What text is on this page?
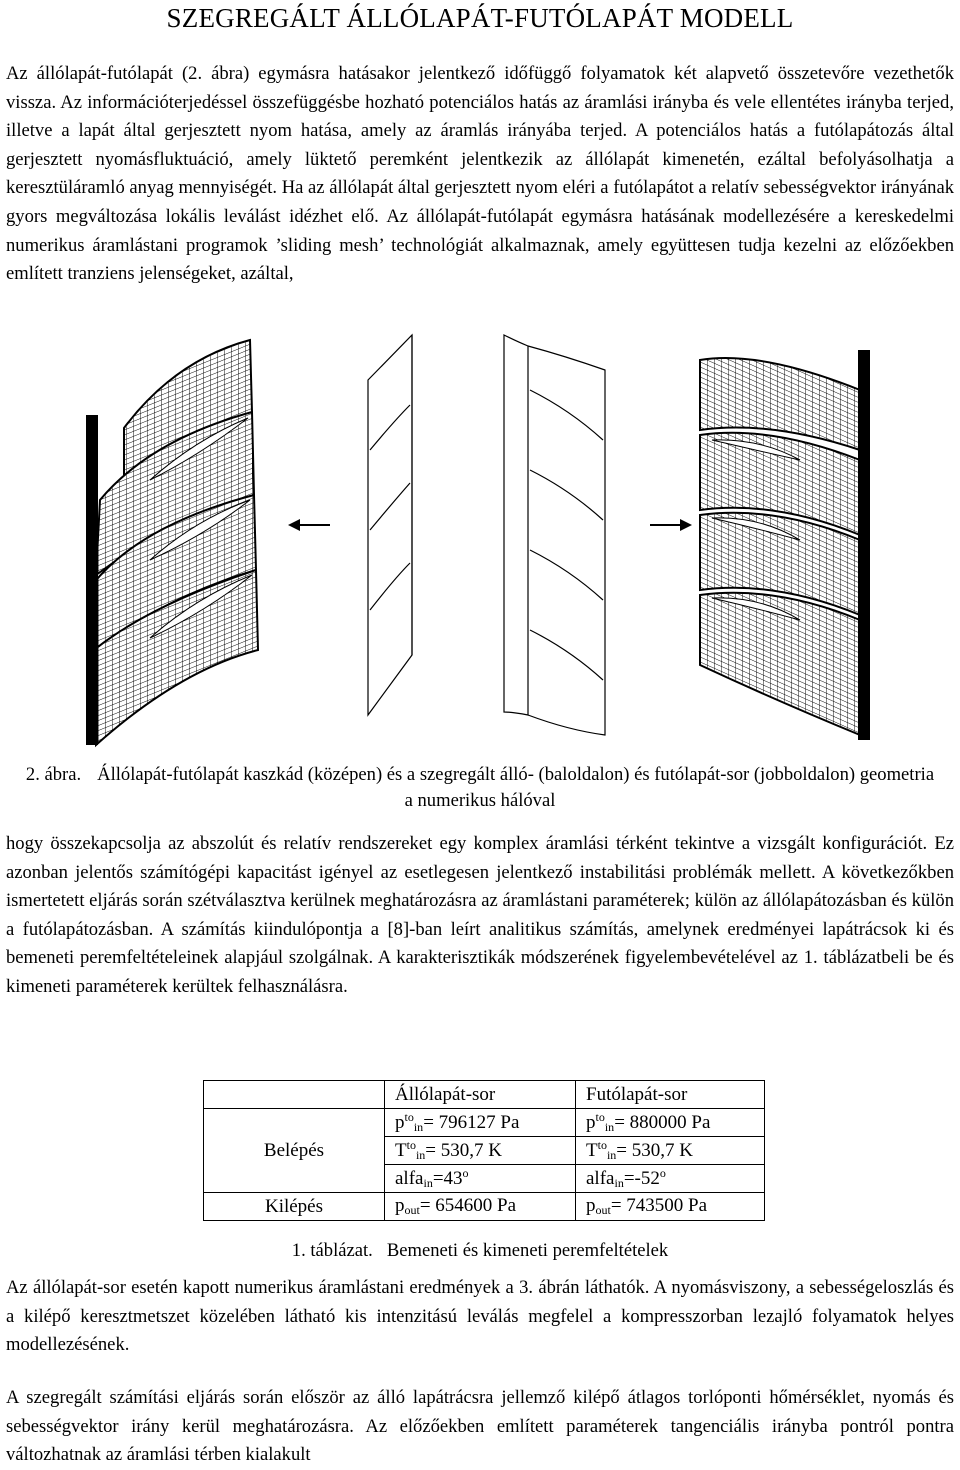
SZEGREGÁLT ÁLLÓLAPÁT-FUTÓLAPÁT MODELL

Az állólapát-futólapát (2. ábra) egymásra hatásakor jelentkező időfüggő folyamatok két alapvető összetevőre vezethetők vissza. Az információterjedéssel összefüggésbe hozható potenciálos hatás az áramlási irányba és vele ellentétes irányba terjed, illetve a lapát által gerjesztett nyom hatása, amely az áramlás irányába terjed. A potenciálos hatás a futólapátozás által gerjesztett nyomásfluktuáció, amely lüktető peremként jelentkezik az állólapát kimenetén, ezáltal befolyásolhatja a keresztüláramló anyag mennyiségét. Ha az állólapát által gerjesztett nyom eléri a futólapátot a relatív sebességvektor irányának gyors megváltozása lokális leválást idézhet elő. Az állólapát-futólapát egymásra hatásának modellezésére a kereskedelmi numerikus áramlástani programok ’sliding mesh’ technológiát alkalmaznak, amely együttesen tudja kezelni az előzőekben említett tranziens jelenségeket, azáltal,

2. ábra. Állólapát-futólapát kaszkád (középen) és a szegregált álló- (baloldalon) és futólapát-sor (jobboldalon) geometria a numerikus hálóval

hogy összekapcsolja az abszolút és relatív rendszereket egy komplex áramlási térként tekintve a vizsgált konfigurációt. Ez azonban jelentős számítógépi kapacitást igényel az esetlegesen jelentkező instabilitási problémák mellett. A következőkben ismertetett eljárás során szétválasztva kerülnek meghatározásra az áramlástani paraméterek; külön az állólapátozásban és külön a futólapátozásban. A számítás kiindulópontja a [8]-ban leírt analitikus számítás, amelynek eredményei lapátrácsok ki és bemeneti peremfeltételeinek alapjául szolgálnak. A karakterisztikák módszerének figyelembevételével az 1. táblázatbeli be és kimeneti paraméterek kerültek felhasználásra.

	Állólapát-sor	Futólapát-sor
Belépés	$p^{to}_{in}= 796127$ Pa	$p^{to}_{in}= 880000$ Pa
	$T^{to}_{in}= 530,7$ K	$T^{to}_{in}= 530,7$ K
	$alfa_{in}=43^o$	$alfa_{in}=-52^o$
Kilépés	$p_{out}= 654600$ Pa	$p_{out}= 743500$ Pa

1. táblázat. Bemeneti és kimeneti peremfeltételek

Az állólapát-sor esetén kapott numerikus áramlástani eredmények a 3. ábrán láthatók. A nyomásviszony, a sebességeloszlás és a kilépő keresztmetszet közelében látható kis intenzitású leválás megfelel a kompresszorban lezajló folyamatok helyes modellezésének.

A szegregált számítási eljárás során először az álló lapátrácsra jellemző kilépő átlagos torlóponti hőmérséklet, nyomás és sebességvektor irány kerül meghatározásra. Az előzőekben említett paraméterek tangenciális irányba pontról pontra változhatnak az áramlási térben kialakult
